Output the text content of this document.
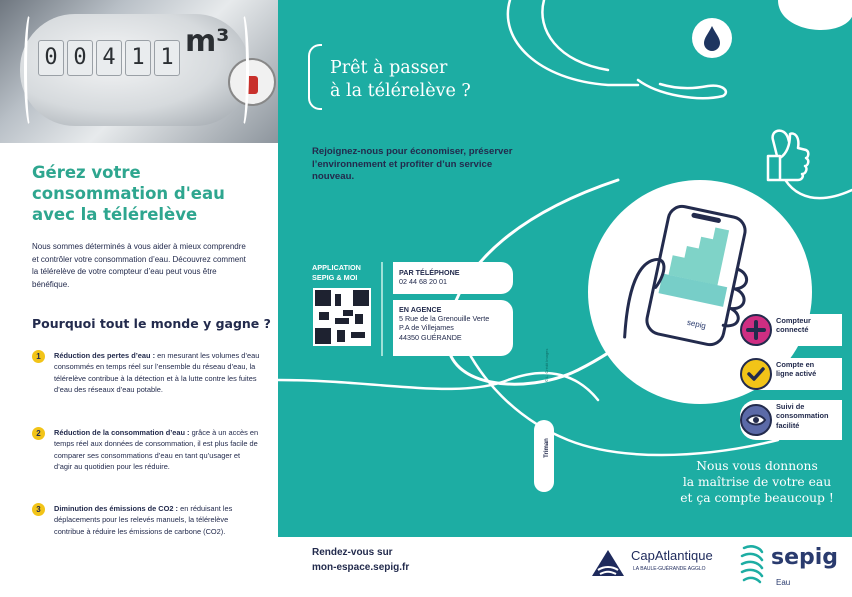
0 0 4 1 1 m³
Gérez votre consommation d'eau avec la télérelève

Nous sommes déterminés à vous aider à mieux comprendre et contrôler votre consommation d’eau. Découvrez comment la télérelève de votre compteur d’eau peut vous être bénéfique.

Pourquoi tout le monde y gagne ?
1	Réduction des pertes d’eau : en mesurant les volumes d’eau consommés en temps réel sur l’ensemble du réseau d’eau, la télérelève contribue à la détection et à la lutte contre les fuites d’eau des réseaux d’eau potable.

2	Réduction de la consommation d’eau : grâce à un accès en temps réel aux données de consommation, il est plus facile de comparer ses consommations d’eau en tant qu’usager et d’agir au quotidien pour les réduire.

3	Diminution des émissions de CO2 : en réduisant les déplacements pour les relevés manuels, la télérelève contribue à réduire les émissions de carbone (CO2).

Prêt à passer
à la télérelève ?

Rejoignez-nous pour économiser, préserver l’environnement et profiter d’un service nouveau.

APPLICATION
SEPIG & MOI

PAR TÉLÉPHONE

02 44 68 20 01

EN AGENCE

5 Rue de la Grenouille Verte

P.A de Villejames

44350 GUÉRANDE

© L. Crédit Images
Triman
sepig	Compteur
connecté

Compte en
ligne activé

Suivi de
consommation
facilité

Nous vous donnons
la maîtrise de votre eau
et ça compte beaucoup !

Rendez-vous sur
mon-espace.sepig.fr

CapAtlantique
LA BAULE-GUÉRANDE AGGLO	sepig
Eau
